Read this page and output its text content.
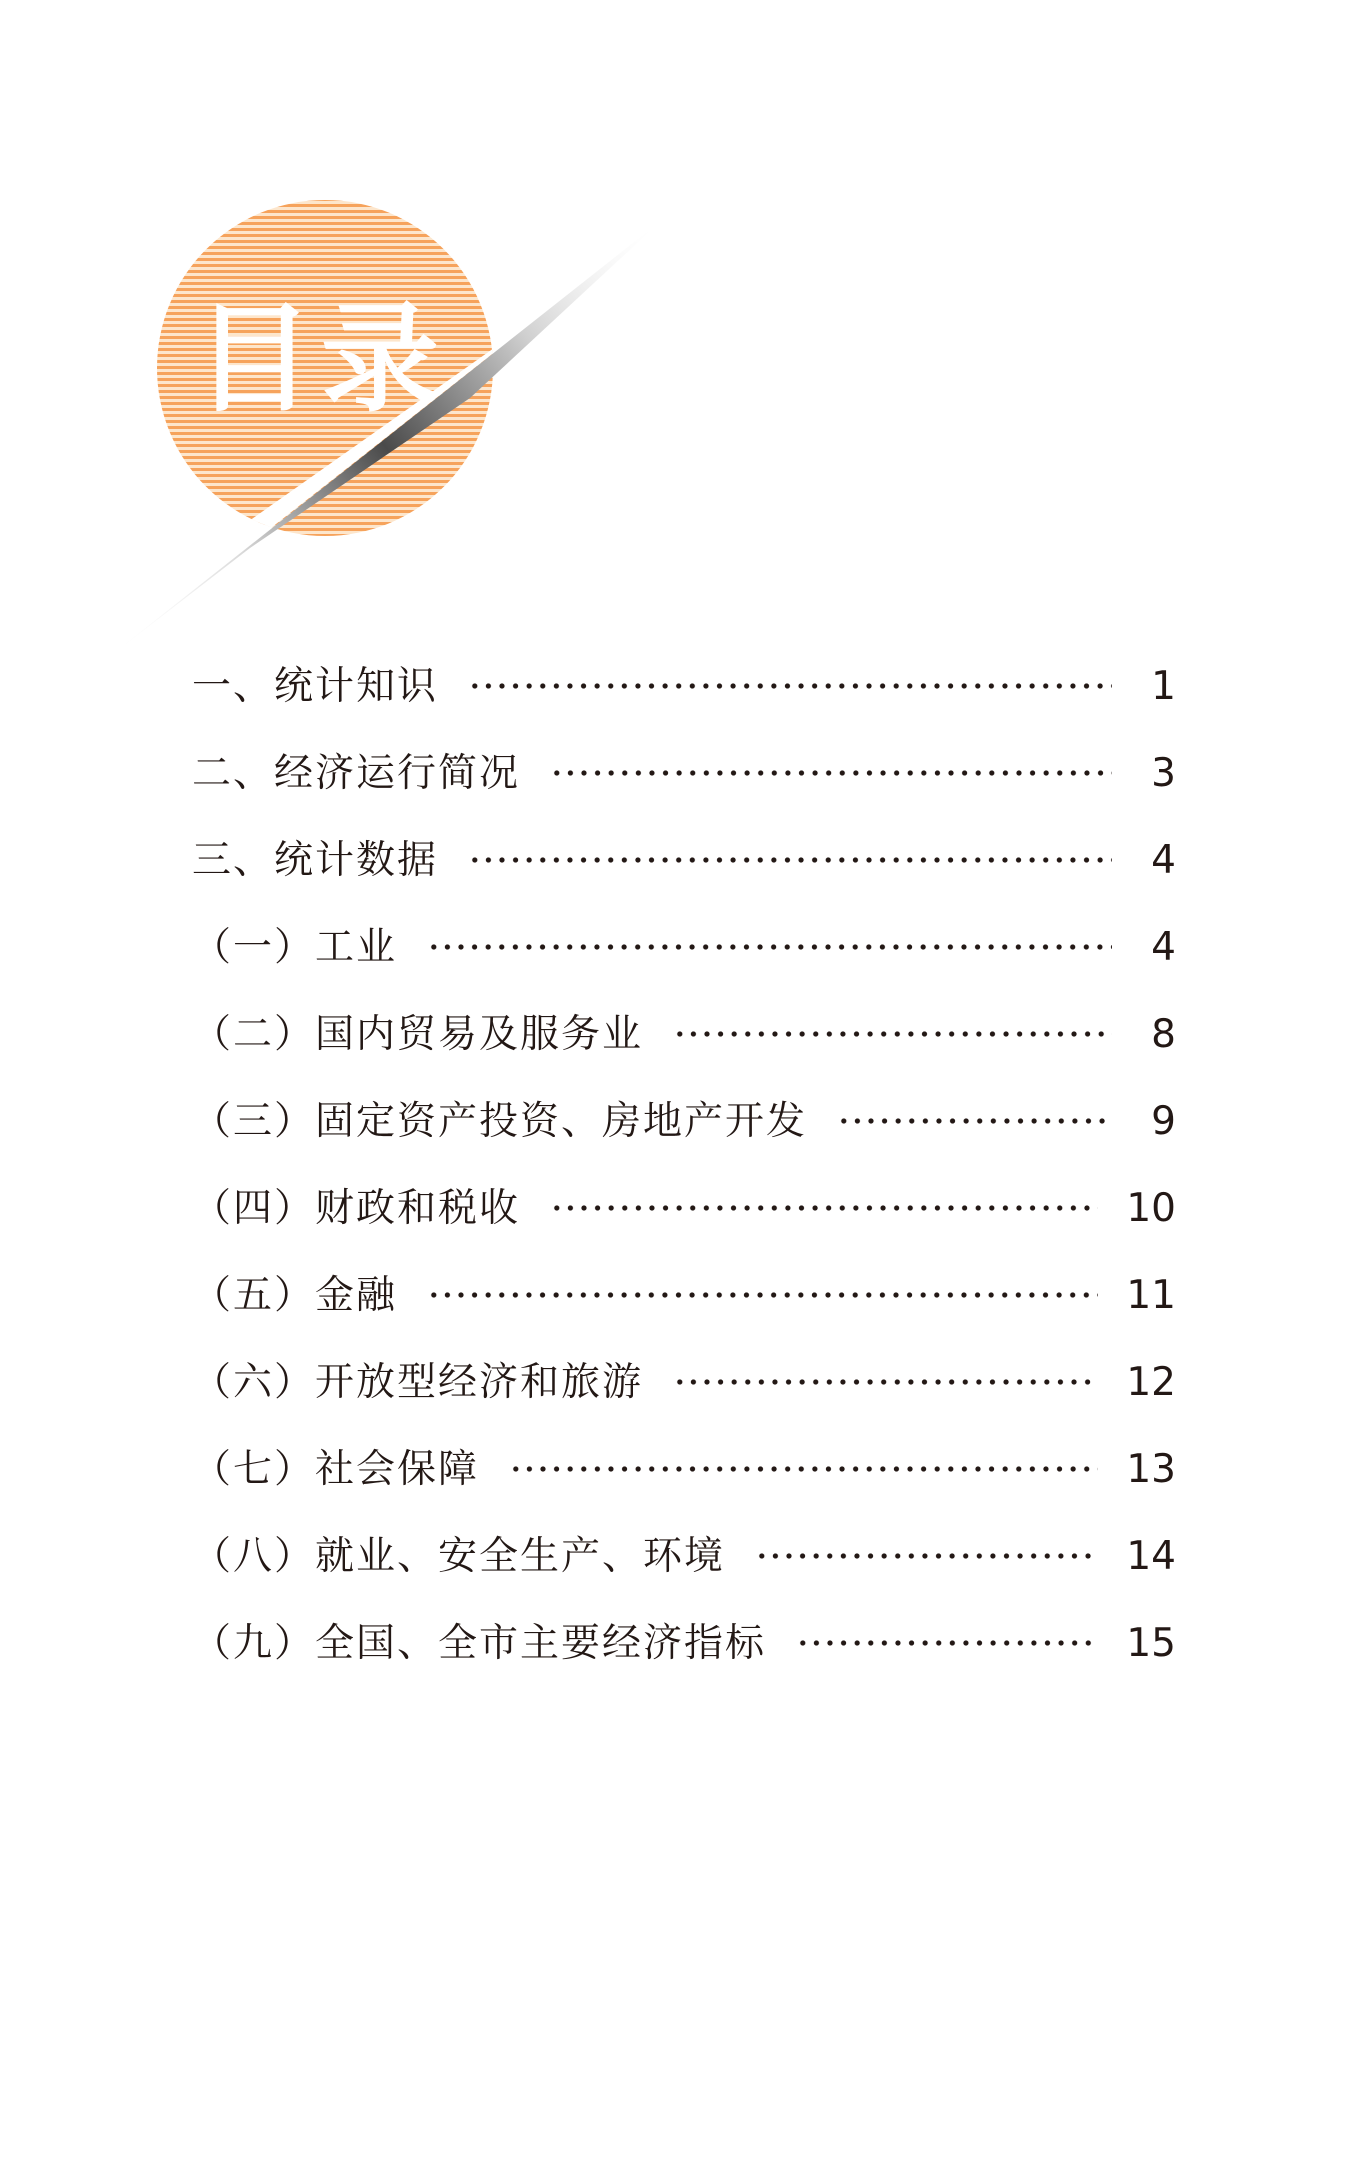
目录
一、统计知识	1
二、经济运行简况	3
三、统计数据	4
（一）工业	4
（二）国内贸易及服务业	8
（三）固定资产投资、房地产开发	9
（四）财政和税收	10
（五）金融	11
（六）开放型经济和旅游	12
（七）社会保障	13
（八）就业、安全生产、环境	14
（九）全国、全市主要经济指标	15
